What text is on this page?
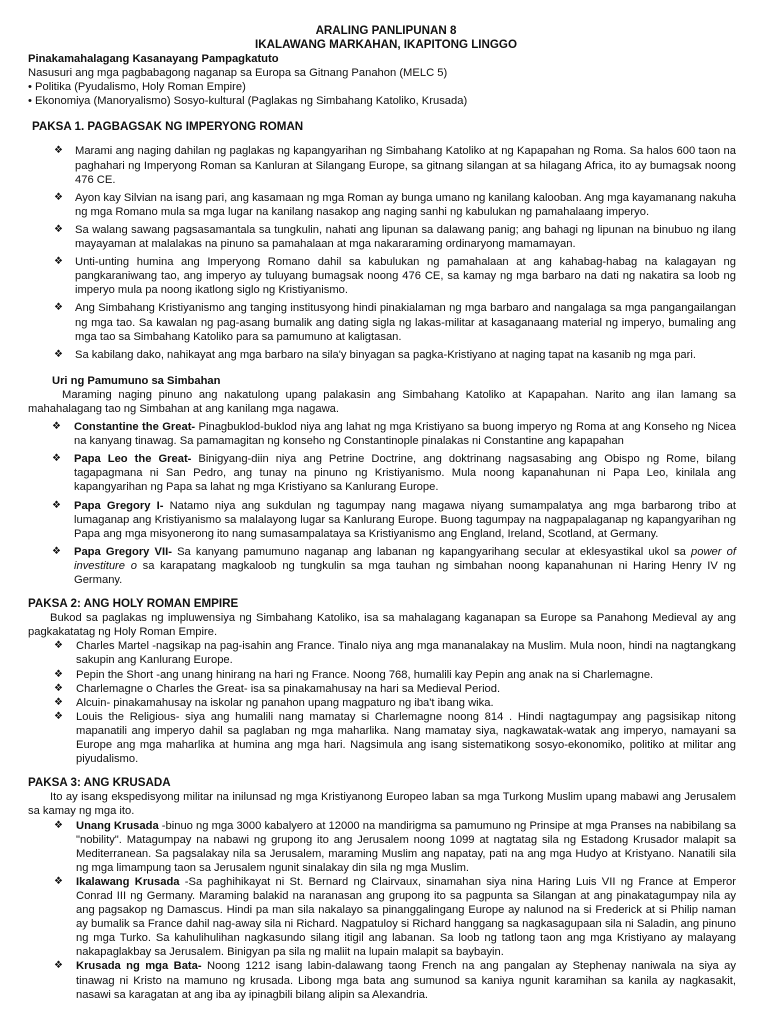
ARALING PANLIPUNAN 8
IKALAWANG MARKAHAN, IKAPITONG LINGGO
Pinakamahalagang Kasanayang Pampagkatuto
Nasusuri ang mga pagbabagong naganap sa Europa sa Gitnang Panahon (MELC 5)
• Politika (Pyudalismo, Holy Roman Empire)
• Ekonomiya (Manoryalismo) Sosyo-kultural (Paglakas ng Simbahang Katoliko, Krusada)
PAKSA 1. PAGBAGSAK NG IMPERYONG ROMAN
❖ Marami ang naging dahilan ng paglakas ng kapangyarihan ng Simbahang Katoliko at ng Kapapahan ng Roma. Sa halos 600 taon na paghahari ng Imperyong Roman sa Kanluran at Silangang Europe, sa gitnang silangan at sa hilagang Africa, ito ay bumagsak noong 476 CE.
❖ Ayon kay Silvian na isang pari, ang kasamaan ng mga Roman ay bunga umano ng kanilang kalooban. Ang mga kayamanang nakuha ng mga Romano mula sa mga lugar na kanilang nasakop ang naging sanhi ng kabulukan ng pamahalaang imperyo.
❖ Sa walang sawang pagsasamantala sa tungkulin, nahati ang lipunan sa dalawang panig; ang bahagi ng lipunan na binubuo ng ilang mayayaman at malalakas na pinuno sa pamahalaan at mga nakararaming ordinaryong mamamayan.
❖ Unti-unting humina ang Imperyong Romano dahil sa kabulukan ng pamahalaan at ang kahabag-habag na kalagayan ng pangkaraniwang tao, ang imperyo ay tuluyang bumagsak noong 476 CE, sa kamay ng mga barbaro na dati ng nakatira sa loob ng imperyo mula pa noong ikatlong siglo ng Kristiyanismo.
❖ Ang Simbahang Kristiyanismo ang tanging institusyong hindi pinakialaman ng mga barbaro and nangalaga sa mga pangangailangan ng mga tao. Sa kawalan ng pag-asang bumalik ang dating sigla ng lakas-militar at kasaganaang material ng imperyo, bumaling ang mga tao sa Simbahang Katoliko para sa pamumuno at kaligtasan.
❖ Sa kabilang dako, nahikayat ang mga barbaro na sila'y binyagan sa pagka-Kristiyano at naging tapat na kasanib ng mga pari.
Uri ng Pamumuno sa Simbahan
Maraming naging pinuno ang nakatulong upang palakasin ang Simbahang Katoliko at Kapapahan. Narito ang ilan lamang sa mahahalagang tao ng Simbahan at ang kanilang mga nagawa.
❖ Constantine the Great- Pinagbuklod-buklod niya ang lahat ng mga Kristiyano sa buong imperyo ng Roma at ang Konseho ng Nicea na kanyang tinawag. Sa pamamagitan ng konseho ng Constantinople pinalakas ni Constantine ang kapapahan
❖ Papa Leo the Great- Binigyang-diin niya ang Petrine Doctrine, ang doktrinang nagsasabing ang Obispo ng Rome, bilang tagapagmana ni San Pedro, ang tunay na pinuno ng Kristiyanismo. Mula noong kapanahunan ni Papa Leo, kinilala ang kapangyarihan ng Papa sa lahat ng mga Kristiyano sa Kanlurang Europe.
❖ Papa Gregory I- Natamo niya ang sukdulan ng tagumpay nang magawa niyang sumampalatya ang mga barbarong tribo at lumaganap ang Kristiyanismo sa malalayong lugar sa Kanlurang Europe. Buong tagumpay na nagpapalaganap ng kapangyarihan ng Papa ang mga misyonerong ito nang sumasampalataya sa Kristiyanismo ang England, Ireland, Scotland, at Germany.
❖ Papa Gregory VII- Sa kanyang pamumuno naganap ang labanan ng kapangyarihang secular at eklesyastikal ukol sa power of investiture o sa karapatang magkaloob ng tungkulin sa mga tauhan ng simbahan noong kapanahunan ni Haring Henry IV ng Germany.
PAKSA 2: ANG HOLY ROMAN EMPIRE
Bukod sa paglakas ng impluwensiya ng Simbahang Katoliko, isa sa mahalagang kaganapan sa Europe sa Panahong Medieval ay ang pagkakatatag ng Holy Roman Empire.
❖ Charles Martel -nagsikap na pag-isahin ang France. Tinalo niya ang mga mananalakay na Muslim. Mula noon, hindi na nagtangkang sakupin ang Kanlurang Europe.
❖ Pepin the Short -ang unang hinirang na hari ng France. Noong 768, humalili kay Pepin ang anak na si Charlemagne.
❖ Charlemagne o Charles the Great- isa sa pinakamahusay na hari sa Medieval Period.
❖ Alcuin- pinakamahusay na iskolar ng panahon upang magpaturo ng iba't ibang wika.
❖ Louis the Religious- siya ang humalili nang mamatay si Charlemagne noong 814 . Hindi nagtagumpay ang pagsisikap nitong mapanatili ang imperyo dahil sa paglaban ng mga maharlika. Nang mamatay siya, nagkawatak-watak ang imperyo, namayani sa Europe ang mga maharlika at humina ang mga hari. Nagsimula ang isang sistematikong sosyo-ekonomiko, politiko at militar ang piyudalismo.
PAKSA 3: ANG KRUSADA
Ito ay isang ekspedisyong militar na inilunsad ng mga Kristiyanong Europeo laban sa mga Turkong Muslim upang mabawi ang Jerusalem sa kamay ng mga ito.
❖ Unang Krusada -binuo ng mga 3000 kabalyero at 12000 na mandirigma sa pamumuno ng Prinsipe at mga Pranses na nabibilang sa "nobility". Matagumpay na nabawi ng grupong ito ang Jerusalem noong 1099 at nagtatag sila ng Estadong Krusador malapit sa Mediterranean. Sa pagsalakay nila sa Jerusalem, maraming Muslim ang napatay, pati na ang mga Hudyo at Kristyano. Nanatili sila ng mga limampung taon sa Jerusalem ngunit sinalakay din sila ng mga Muslim.
❖ Ikalawang Krusada -Sa paghihikayat ni St. Bernard ng Clairvaux, sinamahan siya nina Haring Luis VII ng France at Emperor Conrad III ng Germany. Maraming balakid na naranasan ang grupong ito sa pagpunta sa Silangan at ang pinakatagumpay nila ay ang pagsakop ng Damascus. Hindi pa man sila nakalayo sa pinanggalingang Europe ay nalunod na si Frederick at si Philip naman ay bumalik sa France dahil nag-away sila ni Richard. Nagpatuloy si Richard hanggang sa nagkasagupaan sila ni Saladin, ang pinuno ng mga Turko. Sa kahulihulihan nagkasundo silang itigil ang labanan. Sa loob ng tatlong taon ang mga Kristiyano ay malayang nakapaglakbay sa Jerusalem. Binigyan pa sila ng maliit na lupain malapit sa baybayin.
❖ Krusada ng mga Bata- Noong 1212 isang labin-dalawang taong French na ang pangalan ay Stephenay naniwala na siya ay tinawag ni Kristo na mamuno ng krusada. Libong mga bata ang sumunod sa kaniya ngunit karamihan sa kanila ay nagkasakit, nasawi sa karagatan at ang iba ay ipinagbili bilang alipin sa Alexandria.
